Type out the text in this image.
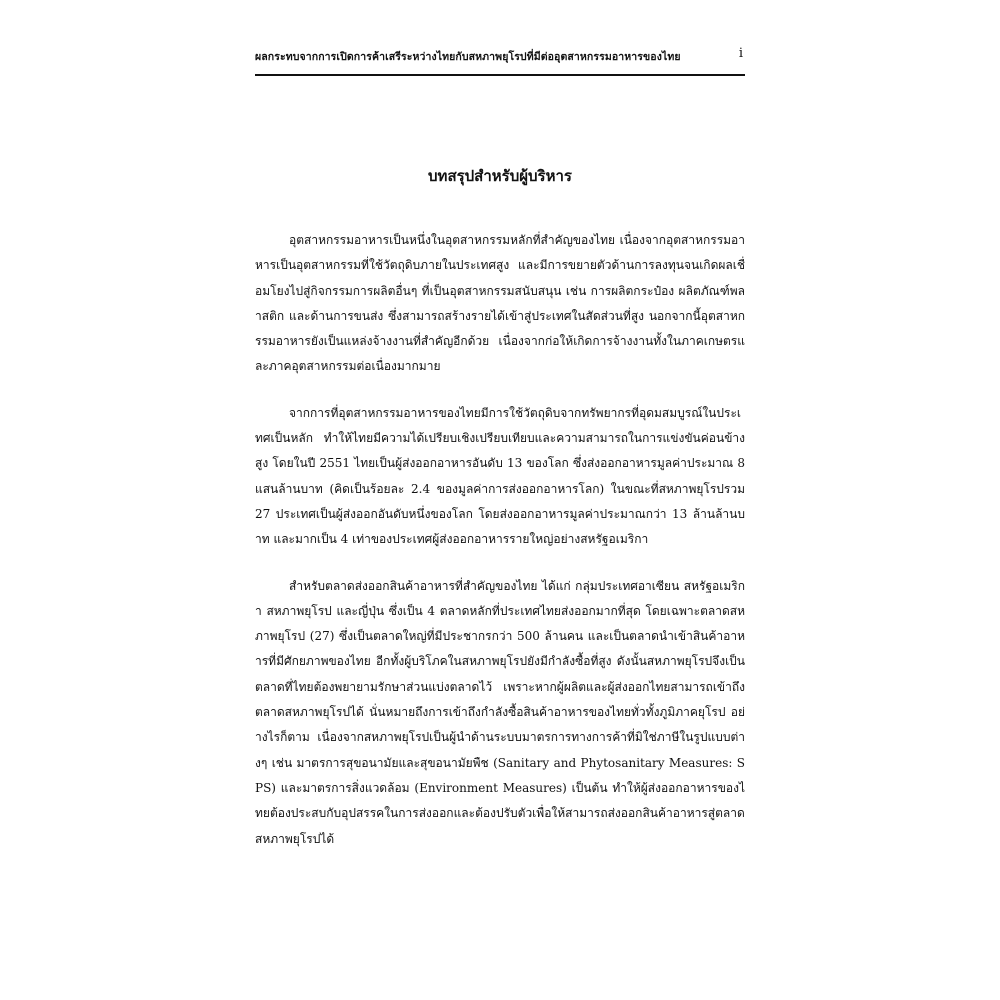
ผลกระทบจากการเปิดการค้าเสรีระหว่างไทยกับสหภาพยุโรปที่มีต่ออุตสาหกรรมอาหารของไทย	i
บทสรุปสำหรับผู้บริหาร

อุตสาหกรรมอาหารเป็นหนึ่งในอุตสาหกรรมหลักที่สำคัญของไทย เนื่องจากอุตสาหกรรมอาหารเป็นอุตสาหกรรมที่ใช้วัตถุดิบภายในประเทศสูง และมีการขยายตัวด้านการลงทุนจนเกิดผลเชื่อมโยงไปสู่กิจกรรมการผลิตอื่นๆ ที่เป็นอุตสาหกรรมสนับสนุน เช่น การผลิตกระป๋อง ผลิตภัณฑ์พลาสติก และด้านการขนส่ง ซึ่งสามารถสร้างรายได้เข้าสู่ประเทศในสัดส่วนที่สูง นอกจากนี้อุตสาหกรรมอาหารยังเป็นแหล่งจ้างงานที่สำคัญอีกด้วย เนื่องจากก่อให้เกิดการจ้างงานทั้งในภาคเกษตรและภาคอุตสาหกรรมต่อเนื่องมากมาย

จากการที่อุตสาหกรรมอาหารของไทยมีการใช้วัตถุดิบจากทรัพยากรที่อุดมสมบูรณ์ในประเทศเป็นหลัก ทำให้ไทยมีความได้เปรียบเชิงเปรียบเทียบและความสามารถในการแข่งขันค่อนข้างสูง โดยในปี 2551 ไทยเป็นผู้ส่งออกอาหารอันดับ 13 ของโลก ซึ่งส่งออกอาหารมูลค่าประมาณ 8 แสนล้านบาท (คิดเป็นร้อยละ 2.4 ของมูลค่าการส่งออกอาหารโลก) ในขณะที่สหภาพยุโรปรวม 27 ประเทศเป็นผู้ส่งออกอันดับหนึ่งของโลก โดยส่งออกอาหารมูลค่าประมาณกว่า 13 ล้านล้านบาท และมากเป็น 4 เท่าของประเทศผู้ส่งออกอาหารรายใหญ่อย่างสหรัฐอเมริกา

สำหรับตลาดส่งออกสินค้าอาหารที่สำคัญของไทย ได้แก่ กลุ่มประเทศอาเซียน สหรัฐอเมริกา สหภาพยุโรป และญี่ปุ่น ซึ่งเป็น 4 ตลาดหลักที่ประเทศไทยส่งออกมากที่สุด โดยเฉพาะตลาดสหภาพยุโรป (27) ซึ่งเป็นตลาดใหญ่ที่มีประชากรกว่า 500 ล้านคน และเป็นตลาดนำเข้าสินค้าอาหารที่มีศักยภาพของไทย อีกทั้งผู้บริโภคในสหภาพยุโรปยังมีกำลังซื้อที่สูง ดังนั้นสหภาพยุโรปจึงเป็นตลาดที่ไทยต้องพยายามรักษาส่วนแบ่งตลาดไว้ เพราะหากผู้ผลิตและผู้ส่งออกไทยสามารถเข้าถึงตลาดสหภาพยุโรปได้ นั่นหมายถึงการเข้าถึงกำลังซื้อสินค้าอาหารของไทยทั่วทั้งภูมิภาคยุโรป อย่างไรก็ตาม เนื่องจากสหภาพยุโรปเป็นผู้นำด้านระบบมาตรการทางการค้าที่มิใช่ภาษีในรูปแบบต่างๆ เช่น มาตรการสุขอนามัยและสุขอนามัยพืช (Sanitary and Phytosanitary Measures: SPS) และมาตรการสิ่งแวดล้อม (Environment Measures) เป็นต้น ทำให้ผู้ส่งออกอาหารของไทยต้องประสบกับอุปสรรคในการส่งออกและต้องปรับตัวเพื่อให้สามารถส่งออกสินค้าอาหารสู่ตลาดสหภาพยุโรปได้
